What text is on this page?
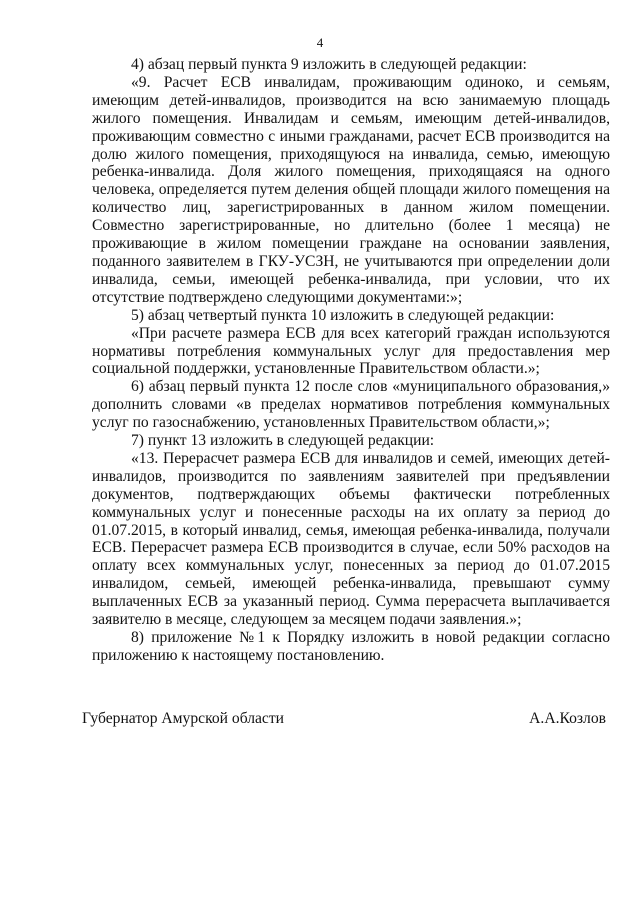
4

4) абзац первый пункта 9 изложить в следующей редакции:

«9. Расчет ЕСВ инвалидам, проживающим одиноко, и семьям, имеющим детей-инвалидов, производится на всю занимаемую площадь жилого помещения. Инвалидам и семьям, имеющим детей-инвалидов, проживающим совместно с иными гражданами, расчет ЕСВ производится на долю жилого помещения, приходящуюся на инвалида, семью, имеющую ребенка-инвалида. Доля жилого помещения, приходящаяся на одного человека, определяется путем деления общей площади жилого помещения на количество лиц, зарегистрированных в данном жилом помещении. Совместно зарегистрированные, но длительно (более 1 месяца) не проживающие в жилом помещении граждане на основании заявления, поданного заявителем в ГКУ-УСЗН, не учитываются при определении доли инвалида, семьи, имеющей ребенка-инвалида, при условии, что их отсутствие подтверждено следующими документами:»;

5) абзац четвертый пункта 10 изложить в следующей редакции:

«При расчете размера ЕСВ для всех категорий граждан используются нормативы потребления коммунальных услуг для предоставления мер социальной поддержки, установленные Правительством области.»;

6) абзац первый пункта 12 после слов «муниципального образования,» дополнить словами «в пределах нормативов потребления коммунальных услуг по газоснабжению, установленных Правительством области,»;

7) пункт 13 изложить в следующей редакции:

«13. Перерасчет размера ЕСВ для инвалидов и семей, имеющих детей-инвалидов, производится по заявлениям заявителей при предъявлении документов, подтверждающих объемы фактически потребленных коммунальных услуг и понесенные расходы на их оплату за период до 01.07.2015, в который инвалид, семья, имеющая ребенка-инвалида, получали ЕСВ. Перерасчет размера ЕСВ производится в случае, если 50% расходов на оплату всех коммунальных услуг, понесенных за период до 01.07.2015 инвалидом, семьей, имеющей ребенка-инвалида, превышают сумму выплаченных ЕСВ за указанный период. Сумма перерасчета выплачивается заявителю в месяце, следующем за месяцем подачи заявления.»;

8) приложение №1 к Порядку изложить в новой редакции согласно приложению к настоящему постановлению.

Губернатор Амурской области	А.А.Козлов
